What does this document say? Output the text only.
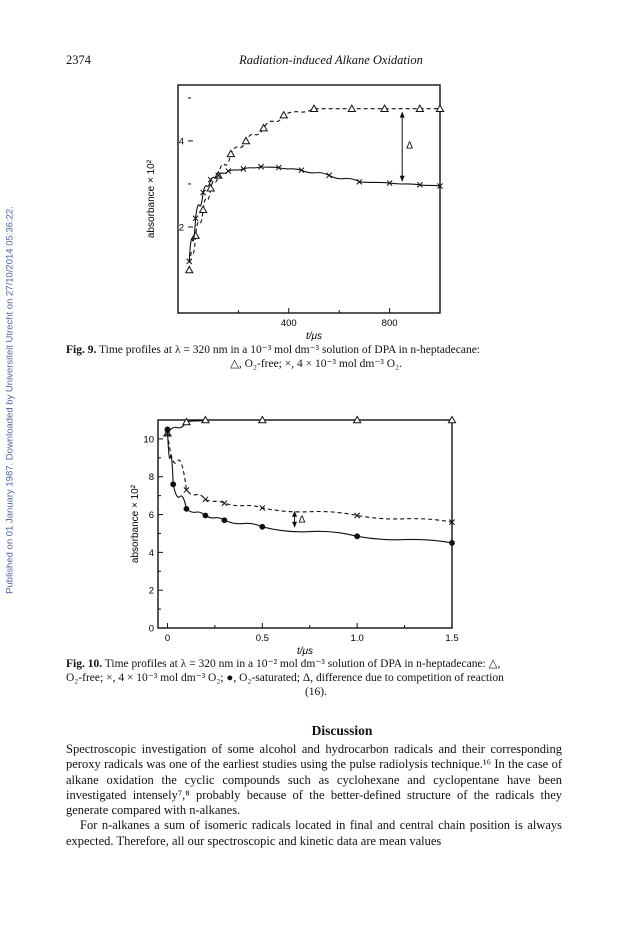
2374	Radiation-induced Alkane Oxidation
Published on 01 January 1987. Downloaded by Universiteit Utrecht on 27/10/2014 05:36:22.	400	800
2
4	Δ
absorbance × 10²
t/μs
Fig. 9. Time profiles at λ = 320 nm in a 10⁻³ mol dm⁻³ solution of DPA in n-heptadecane:
△, O₂-free; ×, 4 × 10⁻³ mol dm⁻³ O₂.
0	0.5	1.0	1.5
0
2
4
6
8
10
Δ
absorbance × 10²
t/μs
Fig. 10. Time profiles at λ = 320 nm in a 10⁻² mol dm⁻³ solution of DPA in n-heptadecane: △,
O₂-free; ×, 4 × 10⁻³ mol dm⁻³ O₂; ●, O₂-saturated; Δ, difference due to competition of reaction
(16).
Discussion

Spectroscopic investigation of some alcohol and hydrocarbon radicals and their corresponding peroxy radicals was one of the earliest studies using the pulse radiolysis technique.¹⁶ In the case of alkane oxidation the cyclic compounds such as cyclohexane and cyclopentane have been investigated intensely⁷,⁸ probably because of the better-defined structure of the radicals they generate compared with n-alkanes.

For n-alkanes a sum of isomeric radicals located in final and central chain position is always expected. Therefore, all our spectroscopic and kinetic data are mean values
